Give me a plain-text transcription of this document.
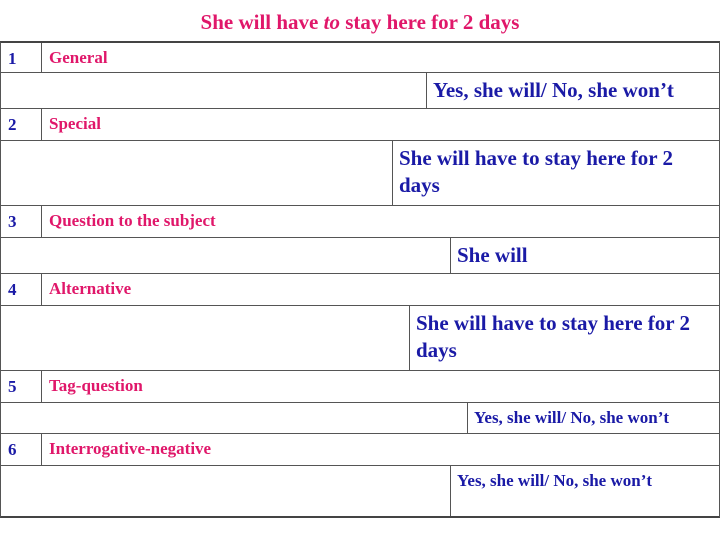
She will have to stay here for 2 days
1	General
Yes, she will/ No, she won’t
2	Special
She will have to stay here for 2 days
3	Question to the subject
She will
4	Alternative
She will have to stay here for 2 days
5	Tag-question
Yes, she will/ No, she won’t
6	Interrogative-negative
Yes, she will/ No, she won’t
